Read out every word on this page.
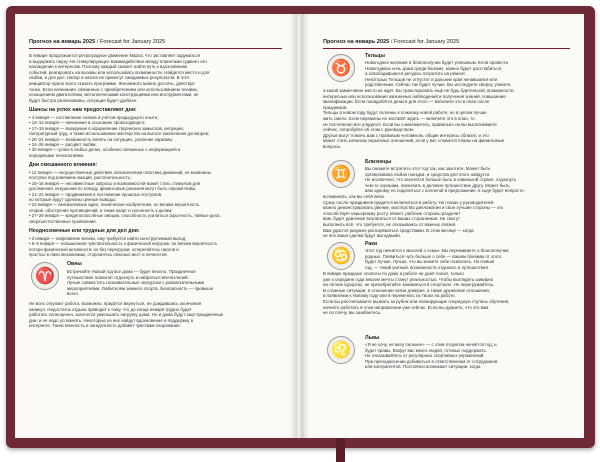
Прогноз на январь 2025 / Forecast for January 2025
В январе продолжается ретроградное движение Марса, что заставляет задуматься
и выдержать паузу. Не стимулирующее взаимодействие между планетами сдвинет его
нахождение к интересам. Поэтому каждый сможет найти путь к вдохновению
событий, реагировать на вызовы или использовать возможности. Найдется место и для
любви, и для дел. Напор и натиск не принесут ожидаемых результатов. В этот
инициатор нужно всего сказать программе. Желаемого можно достичь, действуя
тонко. Если начинания, связанные с приобретением или использованием техники,
оснащением двигателями, металлическими конструкциями или инструментами, не
будут быстро реализованы, ситуация будет удобнее.
Шансы на успех нам предоставляют дни:
• 4 января — составление планов и учётом предыдущего опыта;
• 12–13 января — начинания и осознание происходящего;
• 17–19 января — вхождение в оформление творческих замыслов, интуиции,
литературный труд, а также использование мастерства на высоте заключения договоров;
• 20–21 января — возможность влиять на ситуацию, усиление харизмы;
• 24–26 января — расцвет любви;
• 30 января — успех в любых делах, особенно связанных с информацией и
передовыми технологиями.
Дни смешанного влияния:
• 12 января — несущественные действия, великолепная пластика движений, но возможны
поступки под влиянием эмоций, расточительность;
• 15–16 января — несовместные запросы и возможностей может стать стимулом для
достижения, искушения по поводу, финансовые решения могут быть опрометчивы;
• 21–22 января — продвижения в постижении прошлых поступков,
но которые будут сделаны ценные выводы;
• 23 января — великолепные идеи, технические изобретения, но велика вероятность
споров, обострения противоречий, а также азарт и склонность к делам;
• 27–29 января — кредитоспособные эмоции, способность усилиться скрытность, тайные дела,
сверхъестественные проявления.
Неоднозначные или трудные для дел дни:
• 3 января — напряжение велико, ему требуется найти конструктивный выход;
• 5–6 января — повышенная чувствительность к физической нагрузке, но велика вероятность
потери физической активности; но без перегрузки; остерегайтесь ожогов и
простых в лжех механизмах, сторонитесь опасных мест и личностей.
♈
Овны
Встречайте Новый год все дома — будет весело. Праздничное
путешествие позволит отдохнуть и набраться впечатлений.
Лучше совместить познавательные экскурсии с развлекательными
мероприятиями. Любителям зимнего спорта, безопасность — превыше
всего.
Не всех откупает работа, возможно, придется вернуться, не дождавшись окончания
каникул. Недостаток отдыха приводит к тому, что до конца января трудно будет
работать полноценно, захочется уменьшить нагрузку дома. Но и дома будут ещё праздничные
дни, и не надо усложнять. Некоторые из них найдут вдохновение и поддержку в
интернете. Таинственность и загадочность добавят чувствам очарования.
Прогноз на январь 2025 / Forecast for January 2025
♉
Тельцы
Новогоднее желание в благополучии будет успешным. Если провести
Новогоднюю ночь дома среди близких, можно будет расслабиться,
а освободившиеся ресурсы потратить на ремонт.
Некоторых Тельцов не отпустит в дальние края начавшаяся или
родственники. Сейчас так будет лучше. Вы исследуете сверху, узнаете,
а какой заманчивое место их ждёт. Вы транслировать ещё не будь бдительной, возможности
интересных или использования жизненных наблюдений и получения знаний, повышения
квалификации. Если понадобятся деньги для этого — включите это в план после
праздников.
Тельцы в новом году будут склонны к ложному новой работе, но в целом лучше
жить смело. Если перемены не заставят ждать — включите это в план, то
не постепенно все уладится. Если вы сомневаетесь, правильно ли вы выплачиваете
сейчас, попробуйте об этом с руководством.
Друзья могут помочь вам с правовым человеком, общие интересы сблизят, и это
может стать началом серьёзных отношений, если у вас сложатся планы на финансовые
вопросы.
♊
Близнецы
Вы сможете встретить этот год так, как захотите. Может быть
организована любая поездка, и средства для этого найдутся.
Не исключено, что захочется больше быть в новенькой стране, отдохнуть
чем-то хорошим, переехать в деловое путешествие другу. Может быть
вам одному, но поделиться с коллегой в предложение, в ходе будет непросто
вспоминать, как вы себя вели.
Сразу после праздников придется включиться в работу. На глазах у руководителей
можно демонстрировать рвение, мастерство дипломатии и свои лучшие стороны — это
способствует карьерному росту. Может, рабочие стороны разделит
вам, будет давление возлагаться от ваших сторонников. Не смогут
выполнить всё, что требуется, не отказываясь от важных связей.
Вам удастся разумно распоряжаться средствами. В этом месяце — когда
не все ваши сделки будут выгодными.
♋
Раки
Этот год начнётся с мыслей о семье. Вы переживаете о благополучии
родных. Появиться чуть больше о себе — вашим близким от этого
будет лучше. Лучше, что вы можете себе позволить. Но Новый
год, — тихий уютный, возможности отдыхать и путешествия.
В январе праздные хлопоты по дому и работе не дают покоя, только
уже к середине года многие мечты станут реальностью. Чтобы выглядеть шикарно
на летних курортах, не пренебрегайте заниматься в спортзале. Не перегружайтесь.
В сложные ситуации, в отношении связи доверия, а также дружеские отношения,
в появлении к Новому году или в переменах, из твоих на работе.
Если вы рассчитываете вызвать за рубеж или планирующие очередную ступень обучения,
начните работать в этом направлении уже сейчас. Если вы думаете, что это вам
не по плечу, вы ошибаетесь.
♌
Львы
«Я не хочу, не могу сильнее» — с этим лозунгом начнётся год, и
будет правы. Вокруг вас много людей, готовых поддержать.
Не отказывайтесь от регулярных спортивных упражнений.
При преподнесении добиваться в ответственном от сотрудников
или контрагентов. Постоянно возникают ситуации, когда
